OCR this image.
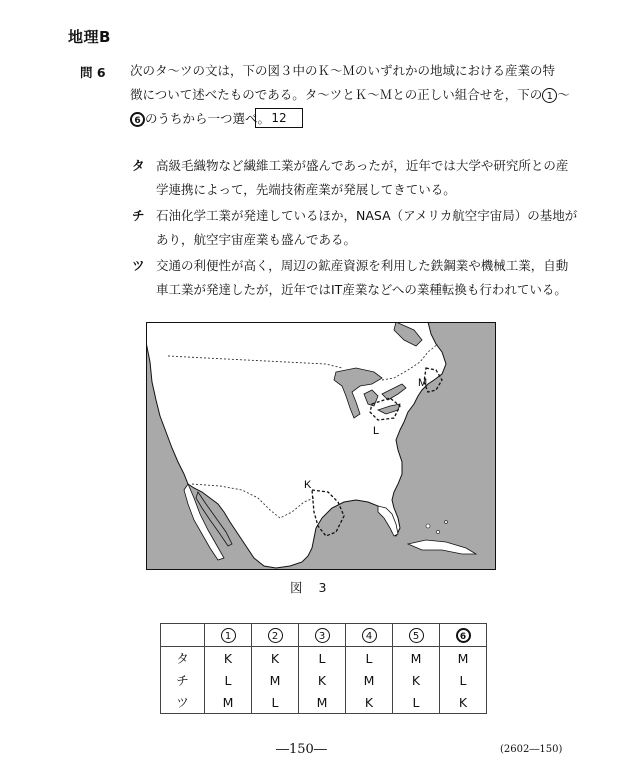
地理B
問 6 次のタ～ツの文は，下の図３中のＫ～Ｍのいずれかの地域における産業の特
徴について述べたものである。タ～ツとＫ～Ｍとの正しい組合せを，下の 1 ～
6 のうちから一つ選べ。 12
タ 高級毛織物など繊維工業が盛んであったが，近年では大学や研究所との産
学連携によって，先端技術産業が発展してきている。
チ 石油化学工業が発達しているほか，NASA（アメリカ航空宇宙局）の基地が
あり，航空宇宙産業も盛んである。
ツ 交通の利便性が高く，周辺の鉱産資源を利用した鉄鋼業や機械工業，自動
車工業が発達したが，近年ではIT産業などへの業種転換も行われている。
M
L
K
図 3
	1	2	3	4	5	6
タ	K	K	L	L	M	M
チ	L	M	K	M	K	L
ツ	M	L	M	K	L	K
―150―	(2602―150)
